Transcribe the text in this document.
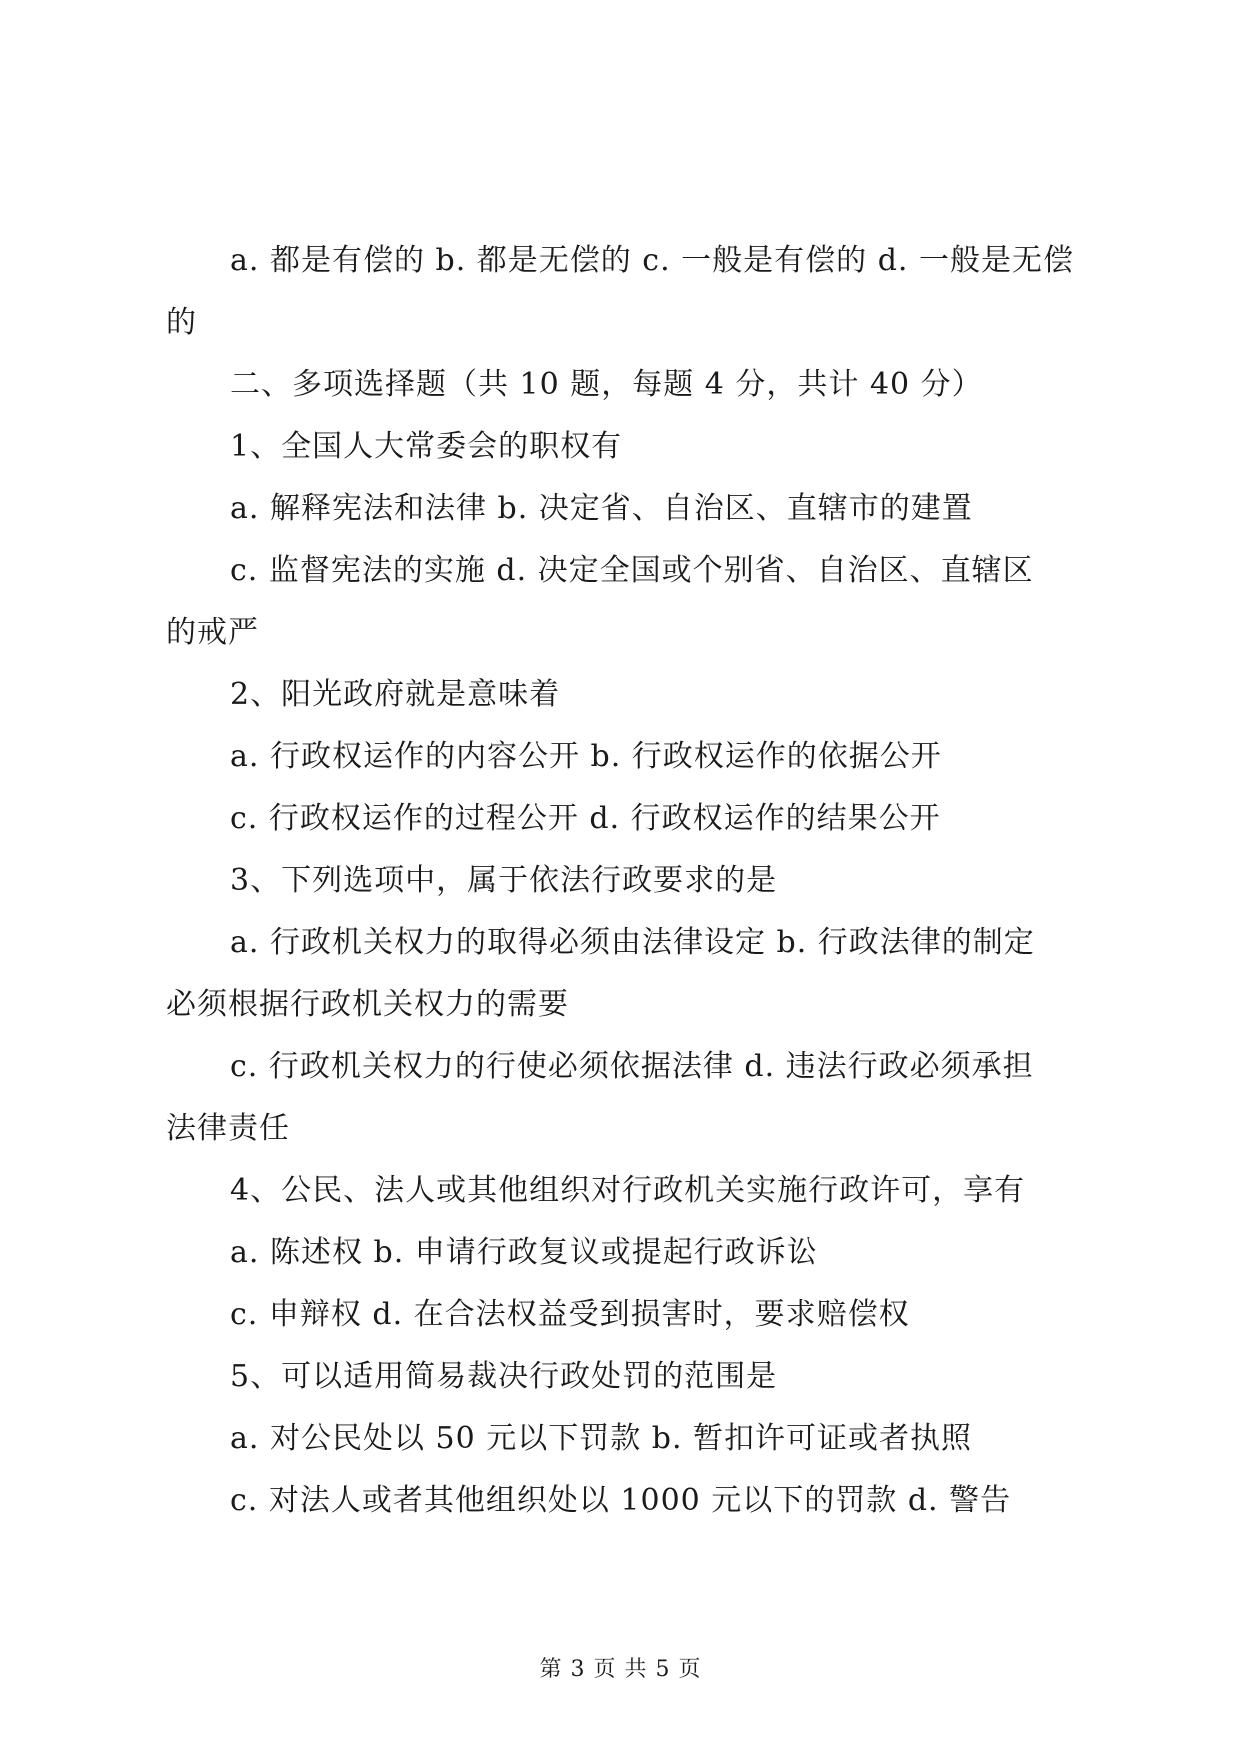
a. 都是有偿的 b. 都是无偿的 c. 一般是有偿的 d. 一般是无偿
的
二、多项选择题（共 10 题，每题 4 分，共计 40 分）
1、全国人大常委会的职权有
a. 解释宪法和法律 b. 决定省、自治区、直辖市的建置
c. 监督宪法的实施 d. 决定全国或个别省、自治区、直辖区
的戒严
2、阳光政府就是意味着
a. 行政权运作的内容公开 b. 行政权运作的依据公开
c. 行政权运作的过程公开 d. 行政权运作的结果公开
3、下列选项中，属于依法行政要求的是
a. 行政机关权力的取得必须由法律设定 b. 行政法律的制定
必须根据行政机关权力的需要
c. 行政机关权力的行使必须依据法律 d. 违法行政必须承担
法律责任
4、公民、法人或其他组织对行政机关实施行政许可，享有
a. 陈述权 b. 申请行政复议或提起行政诉讼
c. 申辩权 d. 在合法权益受到损害时，要求赔偿权
5、可以适用简易裁决行政处罚的范围是
a. 对公民处以 50 元以下罚款 b. 暂扣许可证或者执照
c. 对法人或者其他组织处以 1000 元以下的罚款 d. 警告
第 3 页 共 5 页
